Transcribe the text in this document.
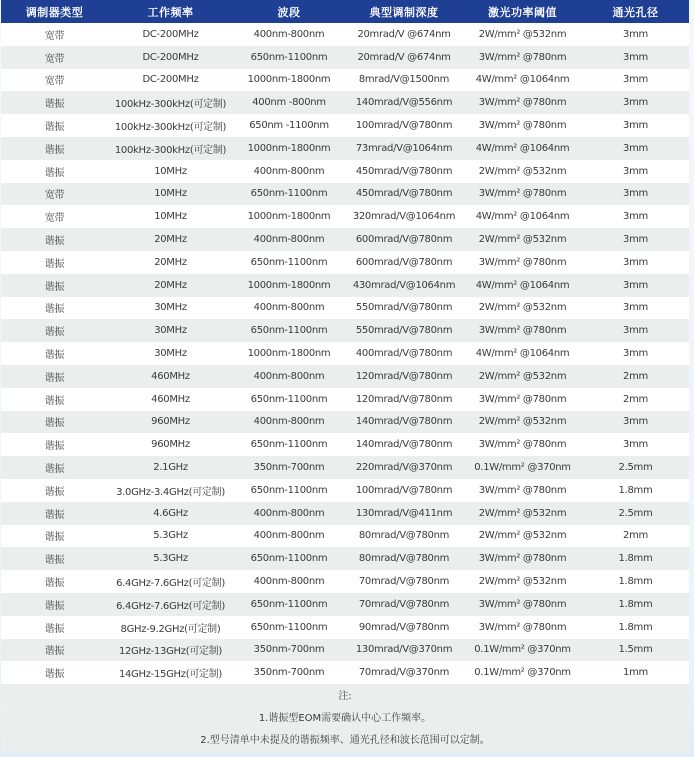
调制器类型	工作频率	波段	典型调制深度	激光功率阈值	通光孔径
宽带	DC-200MHz	400nm-800nm	20mrad/V @674nm	2W/mm² @532nm	3mm
宽带	DC-200MHz	650nm-1100nm	20mrad/V @674nm	3W/mm² @780nm	3mm
宽带	DC-200MHz	1000nm-1800nm	8mrad/V@1500nm	4W/mm² @1064nm	3mm
谐振	100kHz-300kHz(可定制)	400nm -800nm	140mrad/V@556nm	3W/mm² @780nm	3mm
谐振	100kHz-300kHz(可定制)	650nm -1100nm	100mrad/V@780nm	3W/mm² @780nm	3mm
谐振	100kHz-300kHz(可定制)	1000nm-1800nm	73mrad/V@1064nm	4W/mm² @1064nm	3mm
谐振	10MHz	400nm-800nm	450mrad/V@780nm	2W/mm² @532nm	3mm
宽带	10MHz	650nm-1100nm	450mrad/V@780nm	3W/mm² @780nm	3mm
宽带	10MHz	1000nm-1800nm	320mrad/V@1064nm	4W/mm² @1064nm	3mm
谐振	20MHz	400nm-800nm	600mrad/V@780nm	2W/mm² @532nm	3mm
谐振	20MHz	650nm-1100nm	600mrad/V@780nm	3W/mm² @780nm	3mm
谐振	20MHz	1000nm-1800nm	430mrad/V@1064nm	4W/mm² @1064nm	3mm
谐振	30MHz	400nm-800nm	550mrad/V@780nm	2W/mm² @532nm	3mm
谐振	30MHz	650nm-1100nm	550mrad/V@780nm	3W/mm² @780nm	3mm
谐振	30MHz	1000nm-1800nm	400mrad/V@780nm	4W/mm² @1064nm	3mm
谐振	460MHz	400nm-800nm	120mrad/V@780nm	2W/mm² @532nm	2mm
谐振	460MHz	650nm-1100nm	120mrad/V@780nm	3W/mm² @780nm	2mm
谐振	960MHz	400nm-800nm	140mrad/V@780nm	2W/mm² @532nm	3mm
谐振	960MHz	650nm-1100nm	140mrad/V@780nm	3W/mm² @780nm	3mm
谐振	2.1GHz	350nm-700nm	220mrad/V@370nm	0.1W/mm² @370nm	2.5mm
谐振	3.0GHz-3.4GHz(可定制)	650nm-1100nm	100mrad/V@780nm	3W/mm² @780nm	1.8mm
谐振	4.6GHz	400nm-800nm	130mrad/V@411nm	2W/mm² @532nm	2.5mm
谐振	5.3GHz	400nm-800nm	80mrad/V@780nm	2W/mm² @532nm	2mm
谐振	5.3GHz	650nm-1100nm	80mrad/V@780nm	3W/mm² @780nm	1.8mm
谐振	6.4GHz-7.6GHz(可定制)	400nm-800nm	70mrad/V@780nm	2W/mm² @532nm	1.8mm
谐振	6.4GHz-7.6GHz(可定制)	650nm-1100nm	70mrad/V@780nm	3W/mm² @780nm	1.8mm
谐振	8GHz-9.2GHz(可定制)	650nm-1100nm	90mrad/V@780nm	3W/mm² @780nm	1.8mm
谐振	12GHz-13GHz(可定制)	350nm-700nm	130mrad/V@370nm	0.1W/mm² @370nm	1.5mm
谐振	14GHz-15GHz(可定制)	350nm-700nm	70mrad/V@370nm	0.1W/mm² @370nm	1mm
注:
1.谐振型EOM需要确认中心工作频率。
2.型号清单中未提及的谐振频率、通光孔径和波长范围可以定制。
